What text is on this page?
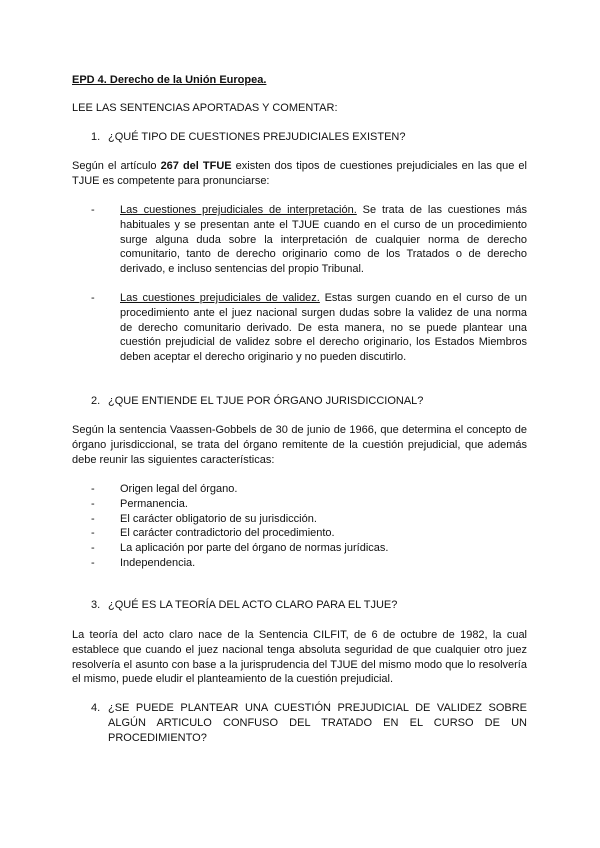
EPD 4. Derecho de la Unión Europea.
LEE LAS SENTENCIAS APORTADAS Y COMENTAR:
1. ¿QUÉ TIPO DE CUESTIONES PREJUDICIALES EXISTEN?
Según el artículo 267 del TFUE existen dos tipos de cuestiones prejudiciales en las que el TJUE es competente para pronunciarse:
-	Las cuestiones prejudiciales de interpretación. Se trata de las cuestiones más habituales y se presentan ante el TJUE cuando en el curso de un procedimiento surge alguna duda sobre la interpretación de cualquier norma de derecho comunitario, tanto de derecho originario como de los Tratados o de derecho derivado, e incluso sentencias del propio Tribunal.
-	Las cuestiones prejudiciales de validez. Estas surgen cuando en el curso de un procedimiento ante el juez nacional surgen dudas sobre la validez de una norma de derecho comunitario derivado. De esta manera, no se puede plantear una cuestión prejudicial de validez sobre el derecho originario, los Estados Miembros deben aceptar el derecho originario y no pueden discutirlo.
2. ¿QUE ENTIENDE EL TJUE POR ÓRGANO JURISDICCIONAL?
Según la sentencia Vaassen-Gobbels de 30 de junio de 1966, que determina el concepto de órgano jurisdiccional, se trata del órgano remitente de la cuestión prejudicial, que además debe reunir las siguientes características:
-	Origen legal del órgano.
-	Permanencia.
-	El carácter obligatorio de su jurisdicción.
-	El carácter contradictorio del procedimiento.
-	La aplicación por parte del órgano de normas jurídicas.
-	Independencia.
3. ¿QUÉ ES LA TEORÍA DEL ACTO CLARO PARA EL TJUE?
La teoría del acto claro nace de la Sentencia CILFIT, de 6 de octubre de 1982, la cual establece que cuando el juez nacional tenga absoluta seguridad de que cualquier otro juez resolvería el asunto con base a la jurisprudencia del TJUE del mismo modo que lo resolvería el mismo, puede eludir el planteamiento de la cuestión prejudicial.
4. ¿SE PUEDE PLANTEAR UNA CUESTIÓN PREJUDICIAL DE VALIDEZ SOBRE ALGÚN ARTICULO CONFUSO DEL TRATADO EN EL CURSO DE UN PROCEDIMIENTO?
